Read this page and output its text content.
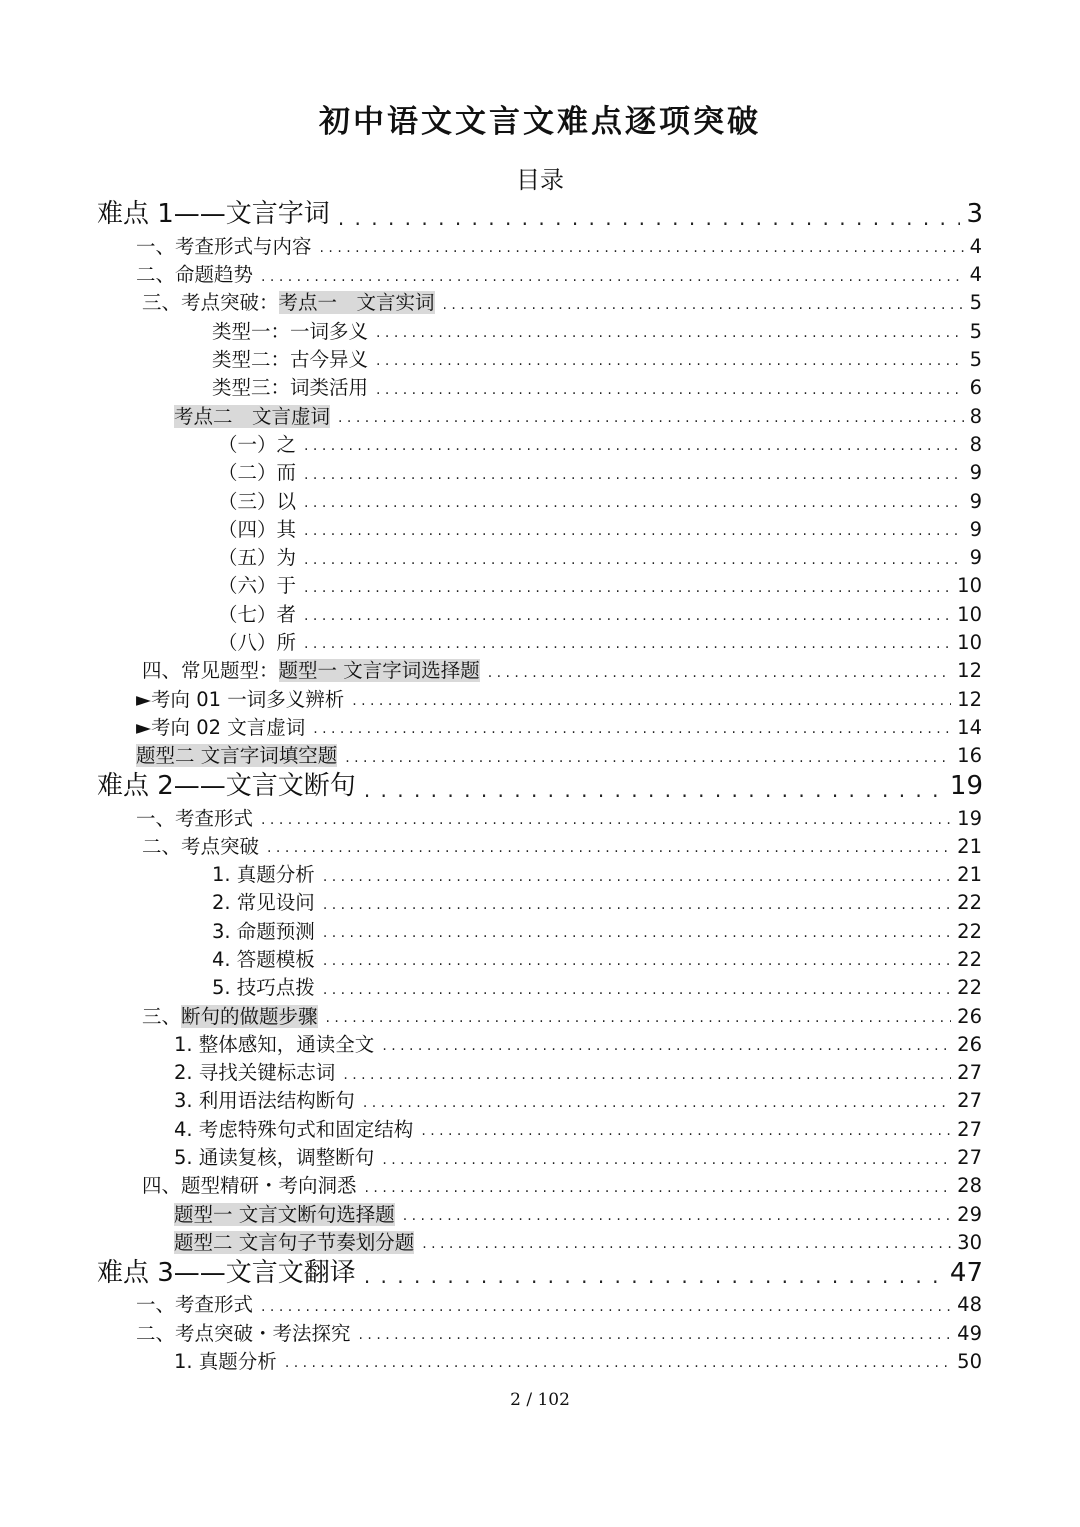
初中语文文言文难点逐项突破
目录
难点 1——文言字词 . . .	3
一、考查形式与内容 . . .	4
二、命题趋势 . . .	4
三、考点突破：考点一　文言实词 . . .	5
类型一：一词多义 . . .	5
类型二：古今异义 . . .	5
类型三：词类活用 . . .	6
考点二　文言虚词 . . .	8
（一）之 . . .	8
（二）而 . . .	9
（三）以 . . .	9
（四）其 . . .	9
（五）为 . . .	9
（六）于 . . .	10
（七）者 . . .	10
（八）所 . . .	10
四、常见题型：题型一 文言字词选择题 . . .	12
►考向 01 一词多义辨析 . . .	12
►考向 02 文言虚词 . . .	14
题型二 文言字词填空题 . . .	16
难点 2——文言文断句 . . .	19
一、考查形式 . . .	19
二、考点突破 . . .	21
1. 真题分析 . . .	21
2. 常见设问 . . .	22
3. 命题预测 . . .	22
4. 答题模板 . . .	22
5. 技巧点拨 . . .	22
三、断句的做题步骤 . . .	26
1. 整体感知，通读全文 . . .	26
2. 寻找关键标志词 . . .	27
3. 利用语法结构断句 . . .	27
4. 考虑特殊句式和固定结构 . . .	27
5. 通读复核，调整断句 . . .	27
四、题型精研・考向洞悉 . . .	28
题型一 文言文断句选择题 . . .	29
题型二 文言句子节奏划分题 . . .	30
难点 3——文言文翻译 . . .	47
一、考查形式 . . .	48
二、考点突破・考法探究 . . .	49
1. 真题分析 . . .	50
2 / 102
